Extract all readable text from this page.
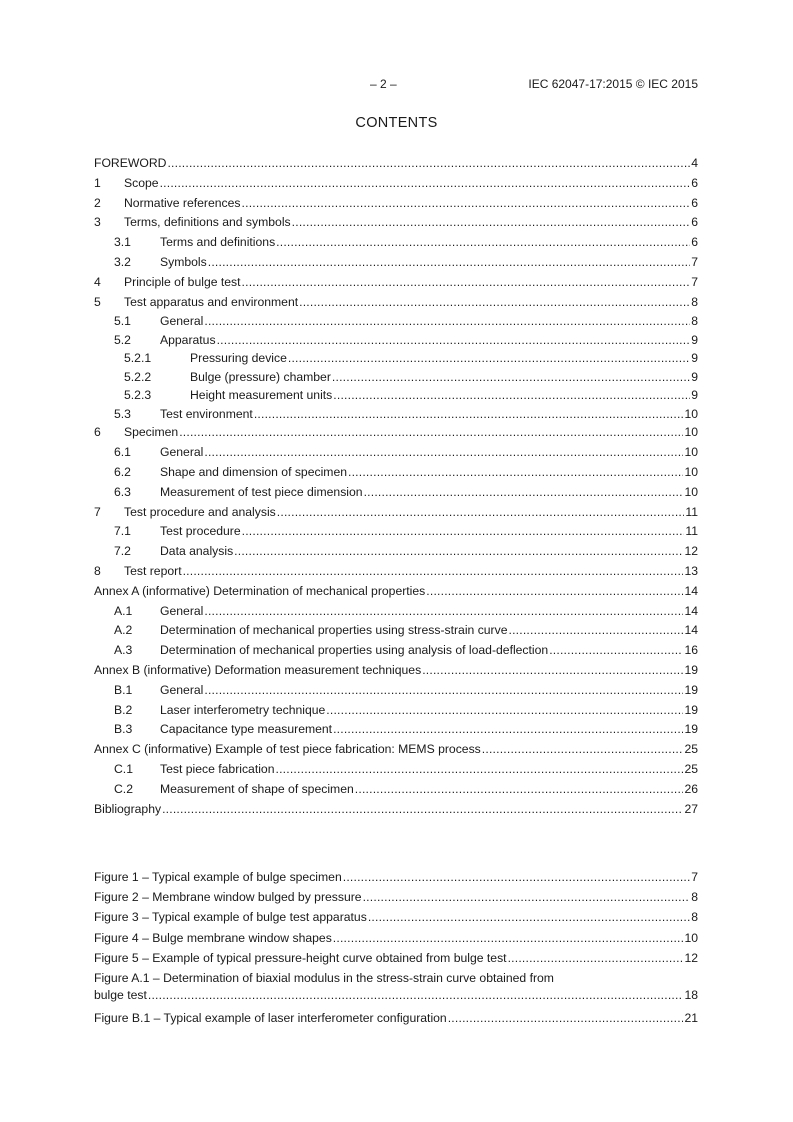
– 2 –	IEC 62047-17:2015 © IEC 2015
CONTENTS
FOREWORD .....	4
1	Scope .....	6
2	Normative references .....	6
3	Terms, definitions and symbols .....	6
3.1	Terms and definitions .....	6
3.2	Symbols .....	7
4	Principle of bulge test .....	7
5	Test apparatus and environment .....	8
5.1	General .....	8
5.2	Apparatus .....	9
5.2.1	Pressuring device .....	9
5.2.2	Bulge (pressure) chamber .....	9
5.2.3	Height measurement units .....	9
5.3	Test environment .....	10
6	Specimen .....	10
6.1	General .....	10
6.2	Shape and dimension of specimen .....	10
6.3	Measurement of test piece dimension .....	10
7	Test procedure and analysis .....	11
7.1	Test procedure .....	11
7.2	Data analysis .....	12
8	Test report .....	13
Annex A (informative) Determination of mechanical properties .....	14
A.1	General .....	14
A.2	Determination of mechanical properties using stress-strain curve .....	14
A.3	Determination of mechanical properties using analysis of load-deflection .....	16
Annex B (informative) Deformation measurement techniques .....	19
B.1	General .....	19
B.2	Laser interferometry technique .....	19
B.3	Capacitance type measurement .....	19
Annex C (informative) Example of test piece fabrication: MEMS process .....	25
C.1	Test piece fabrication .....	25
C.2	Measurement of shape of specimen .....	26
Bibliography .....	27
Figure 1 – Typical example of bulge specimen .....	7
Figure 2 – Membrane window bulged by pressure .....	8
Figure 3 – Typical example of bulge test apparatus .....	8
Figure 4 – Bulge membrane window shapes .....	10
Figure 5 – Example of typical pressure-height curve obtained from bulge test .....	12
Figure A.1 – Determination of biaxial modulus in the stress-strain curve obtained from
bulge test .....	18
Figure B.1 – Typical example of laser interferometer configuration .....	21
